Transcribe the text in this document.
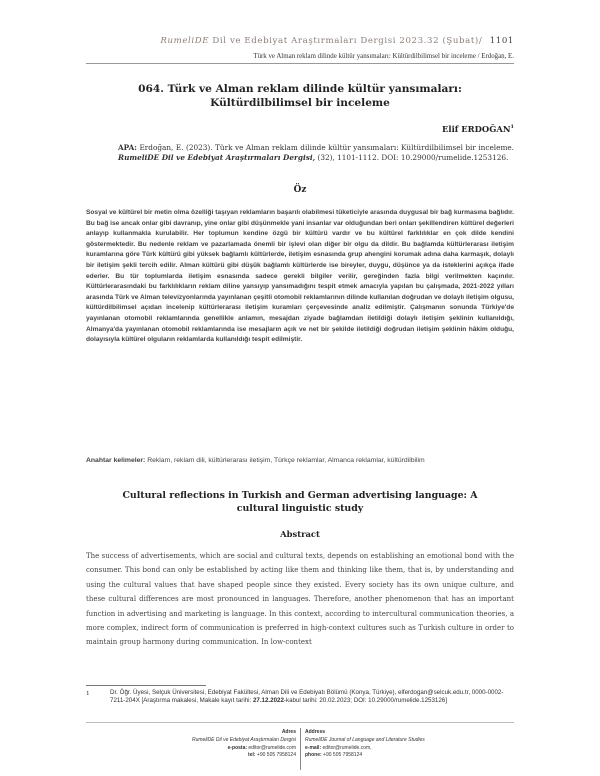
RumeliDE Dil ve Edebiyat Araştırmaları Dergisi 2023.32 (Şubat)/ 1101
Türk ve Alman reklam dilinde kültür yansımaları: Kültürdilbilimsel bir inceleme / Erdoğan, E.
064. Türk ve Alman reklam dilinde kültür yansımaları: Kültürdilbilimsel bir inceleme
Elif ERDOĞAN$^1$
APA: Erdoğan, E. (2023). Türk ve Alman reklam dilinde kültür yansımaları: Kültürdilbilimsel bir inceleme. RumeliDE Dil ve Edebiyat Araştırmaları Dergisi, (32), 1101-1112. DOI: 10.29000/rumelide.1253126.
Öz
Sosyal ve kültürel bir metin olma özelliği taşıyan reklamların başarılı olabilmesi tüketiciyle arasında duygusal bir bağ kurmasına bağlıdır. Bu bağ ise ancak onlar gibi davranıp, yine onlar gibi düşünmekle yani insanlar var olduğundan beri onları şekillendiren kültürel değerleri anlayıp kullanmakla kurulabilir. Her toplumun kendine özgü bir kültürü vardır ve bu kültürel farklılıklar en çok dilde kendini göstermektedir. Bu nedenle reklam ve pazarlamada önemli bir işlevi olan diğer bir olgu da dildir. Bu bağlamda kültürlerarası iletişim kuramlarına göre Türk kültürü gibi yüksek bağlamlı kültürlerde, iletişim esnasında grup ahengini korumak adına daha karmaşık, dolaylı bir iletişim şekli tercih edilir. Alman kültürü gibi düşük bağlamlı kültürlerde ise bireyler, duygu, düşünce ya da isteklerini açıkça ifade ederler. Bu tür toplumlarda iletişim esnasında sadece gerekli bilgiler verilir, gereğinden fazla bilgi verilmekten kaçınılır. Kültürlerarasındaki bu farklılıkların reklam diline yansıyıp yansımadığını tespit etmek amacıyla yapılan bu çalışmada, 2021-2022 yılları arasında Türk ve Alman televizyonlarında yayınlanan çeşitli otomobil reklamlarının dilinde kullanılan doğrudan ve dolaylı iletişim olgusu, kültürdilbilimsel açıdan incelenip kültürlerarası iletişim kuramları çerçevesinde analiz edilmiştir. Çalışmanın sonunda Türkiye'de yayınlanan otomobil reklamlarında genellikle anlamın, mesajdan ziyade bağlamdan iletildiği dolaylı iletişim şeklinin kullanıldığı, Almanya'da yayınlanan otomobil reklamlarında ise mesajların açık ve net bir şekilde iletildiği doğrudan iletişim şeklinin hâkim olduğu, dolayısıyla kültürel olguların reklamlarda kullanıldığı tespit edilmiştir.
Anahtar kelimeler: Reklam, reklam dili, kültürlerarası iletişim, Türkçe reklamlar, Almanca reklamlar, kültürdilbilim
Cultural reflections in Turkish and German advertising language: A cultural linguistic study
Abstract
The success of advertisements, which are social and cultural texts, depends on establishing an emotional bond with the consumer. This bond can only be established by acting like them and thinking like them, that is, by understanding and using the cultural values that have shaped people since they existed. Every society has its own unique culture, and these cultural differences are most pronounced in languages. Therefore, another phenomenon that has an important function in advertising and marketing is language. In this context, according to intercultural communication theories, a more complex, indirect form of communication is preferred in high-context cultures such as Turkish culture in order to maintain group harmony during communication. In low-context
1	Dr. Öğr. Üyesi, Selçuk Üniversitesi, Edebiyat Fakültesi, Alman Dili ve Edebiyatı Bölümü (Konya, Türkiye), elferdogan@selcuk.edu.tr, 0000-0002-7211-204X [Araştırma makalesi, Makale kayıt tarihi: 27.12.2022-kabul tarihi: 20.02.2023; DOI: 10.29000/rumelide.1253126]
Adres
RumeliDE Dil ve Edebiyat Araştırmaları Dergisi
e-posta: editor@rumelide.com
tel: +90 505 7958124
Address
RumeliDE Journal of Language and Literature Studies
e-mail: editor@rumelide.com,
phone: +90 505 7958124
